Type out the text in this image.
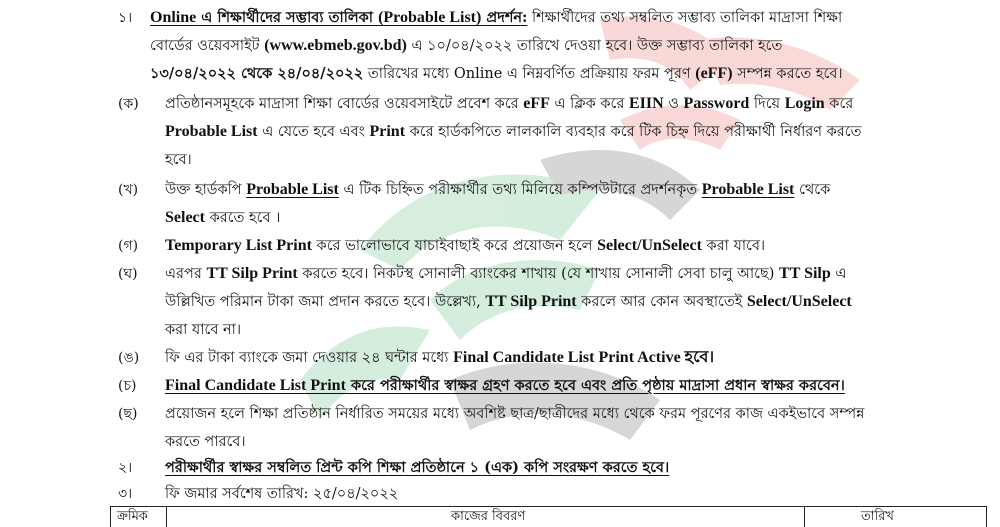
১। Online এ শিক্ষার্থীদের সম্ভাব্য তালিকা (Probable List) প্রদর্শন: শিক্ষার্থীদের তথ্য সম্বলিত সম্ভাব্য তালিকা মাদ্রাসা শিক্ষা
বোর্ডের ওয়েবসাইট (www.ebmeb.gov.bd) এ ১০/০৪/২০২২ তারিখে দেওয়া হবে। উক্ত সম্ভাব্য তালিকা হতে
১৩/০৪/২০২২ থেকে ২৪/০৪/২০২২ তারিখের মধ্যে Online এ নিম্নবর্ণিত প্রক্রিয়ায় ফরম পূরণ (eFF) সম্পন্ন করতে হবে।
(ক) প্রতিষ্ঠানসমূহকে মাদ্রাসা শিক্ষা বোর্ডের ওয়েবসাইটে প্রবেশ করে eFF এ ক্লিক করে EIIN ও Password দিয়ে Login করে
Probable List এ যেতে হবে এবং Print করে হার্ডকপিতে লালকালি ব্যবহার করে টিক চিহ্ন দিয়ে পরীক্ষার্থী নির্ধারণ করতে
হবে।
(খ) উক্ত হার্ডকপি Probable List এ টিক চিহ্নিত পরীক্ষার্থীর তথ্য মিলিয়ে কম্পিউটারে প্রদর্শনকৃত Probable List থেকে
Select করতে হবে ।
(গ) Temporary List Print করে ভালোভাবে যাচাইবাছাই করে প্রয়োজন হলে Select/UnSelect করা যাবে।
(ঘ) এরপর TT Silp Print করতে হবে। নিকটস্থ সোনালী ব্যাংকের শাখায় (যে শাখায় সোনালী সেবা চালু আছে) TT Silp এ
উল্লিখিত পরিমান টাকা জমা প্রদান করতে হবে। উল্লেখ্য, TT Silp Print করলে আর কোন অবস্থাতেই Select/UnSelect
করা যাবে না।
(ঙ) ফি এর টাকা ব্যাংকে জমা দেওয়ার ২৪ ঘন্টার মধ্যে Final Candidate List Print Active হবে।
(চ) Final Candidate List Print করে পরীক্ষার্থীর স্বাক্ষর গ্রহণ করতে হবে এবং প্রতি পৃষ্ঠায় মাদ্রাসা প্রধান স্বাক্ষর করবেন।
(ছ) প্রয়োজন হলে শিক্ষা প্রতিষ্ঠান নির্ধারিত সময়ের মধ্যে অবশিষ্ট ছাত্র/ছাত্রীদের মধ্যে থেকে ফরম পূরণের কাজ একইভাবে সম্পন্ন
করতে পারবে।
২। পরীক্ষার্থীর স্বাক্ষর সম্বলিত প্রিন্ট কপি শিক্ষা প্রতিষ্ঠানে ১ (এক) কপি সংরক্ষণ করতে হবে।
৩। ফি জমার সর্বশেষ তারিখ: ২৫/০৪/২০২২
ক্রমিক	কাজের বিবরণ	তারিখ
